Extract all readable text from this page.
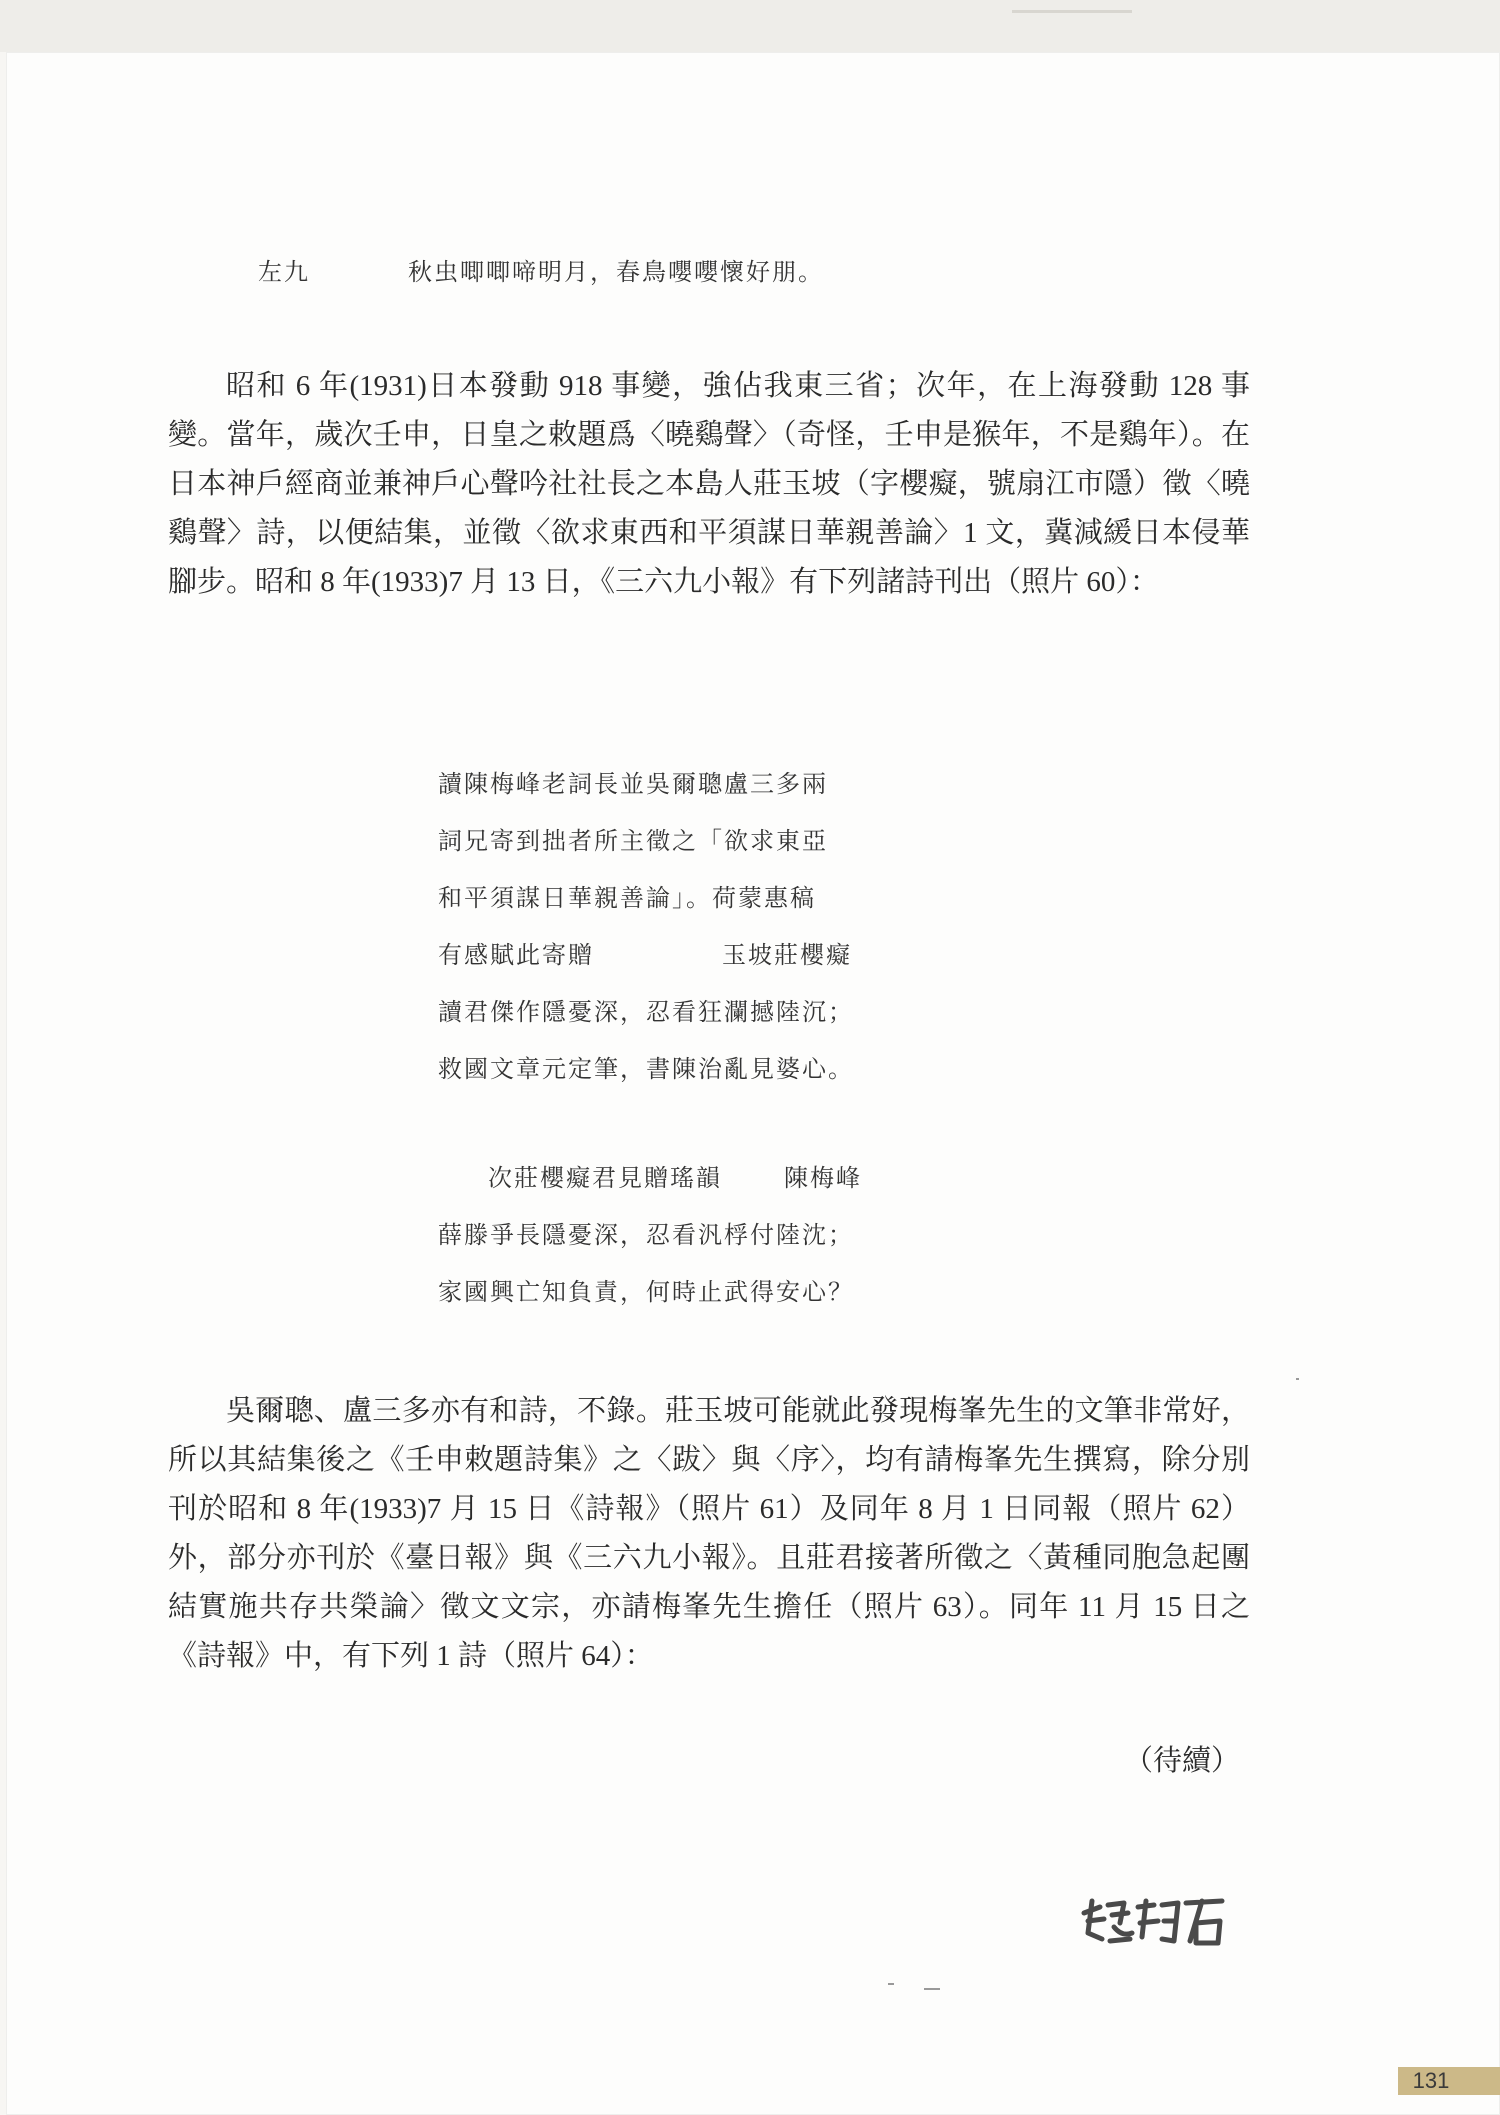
左九	秋虫唧唧啼明月，春鳥嚶嚶懷好朋。

昭和 6 年(1931)日本發動 918 事變，強佔我東三省；次年，在上海發動 128 事變。當年，歲次壬申，日皇之敕題爲〈曉鷄聲〉（奇怪，壬申是猴年，不是鷄年）。在日本神戶經商並兼神戶心聲吟社社長之本島人莊玉坡（字櫻癡，號扇江市隱）徵〈曉鷄聲〉詩，以便結集，並徵〈欲求東西和平須謀日華親善論〉1 文，冀減緩日本侵華腳步。昭和 8 年(1933)7 月 13 日，《三六九小報》有下列諸詩刊出（照片 60）：

讀陳梅峰老詞長並吳爾聰盧三多兩
詞兄寄到拙者所主徵之「欲求東亞
和平須謀日華親善論」。荷蒙惠稿
有感賦此寄贈	玉坡莊櫻癡
讀君傑作隱憂深，忍看狂瀾撼陸沉；
救國文章元定筆，書陳治亂見婆心。
次莊櫻癡君見贈瑤韻	陳梅峰
薛滕爭長隱憂深，忍看汎桴付陸沈；
家國興亡知負責，何時止武得安心？

吳爾聰、盧三多亦有和詩，不錄。莊玉坡可能就此發現梅峯先生的文筆非常好，所以其結集後之《壬申敕題詩集》之〈跋〉與〈序〉，均有請梅峯先生撰寫，除分別刊於昭和 8 年(1933)7 月 15 日《詩報》（照片 61）及同年 8 月 1 日同報（照片 62）外，部分亦刊於《臺日報》與《三六九小報》。且莊君接著所徵之〈黃種同胞急起團結實施共存共榮論〉徵文文宗，亦請梅峯先生擔任（照片 63）。同年 11 月 15 日之《詩報》中，有下列 1 詩（照片 64）：

（待續）
131
